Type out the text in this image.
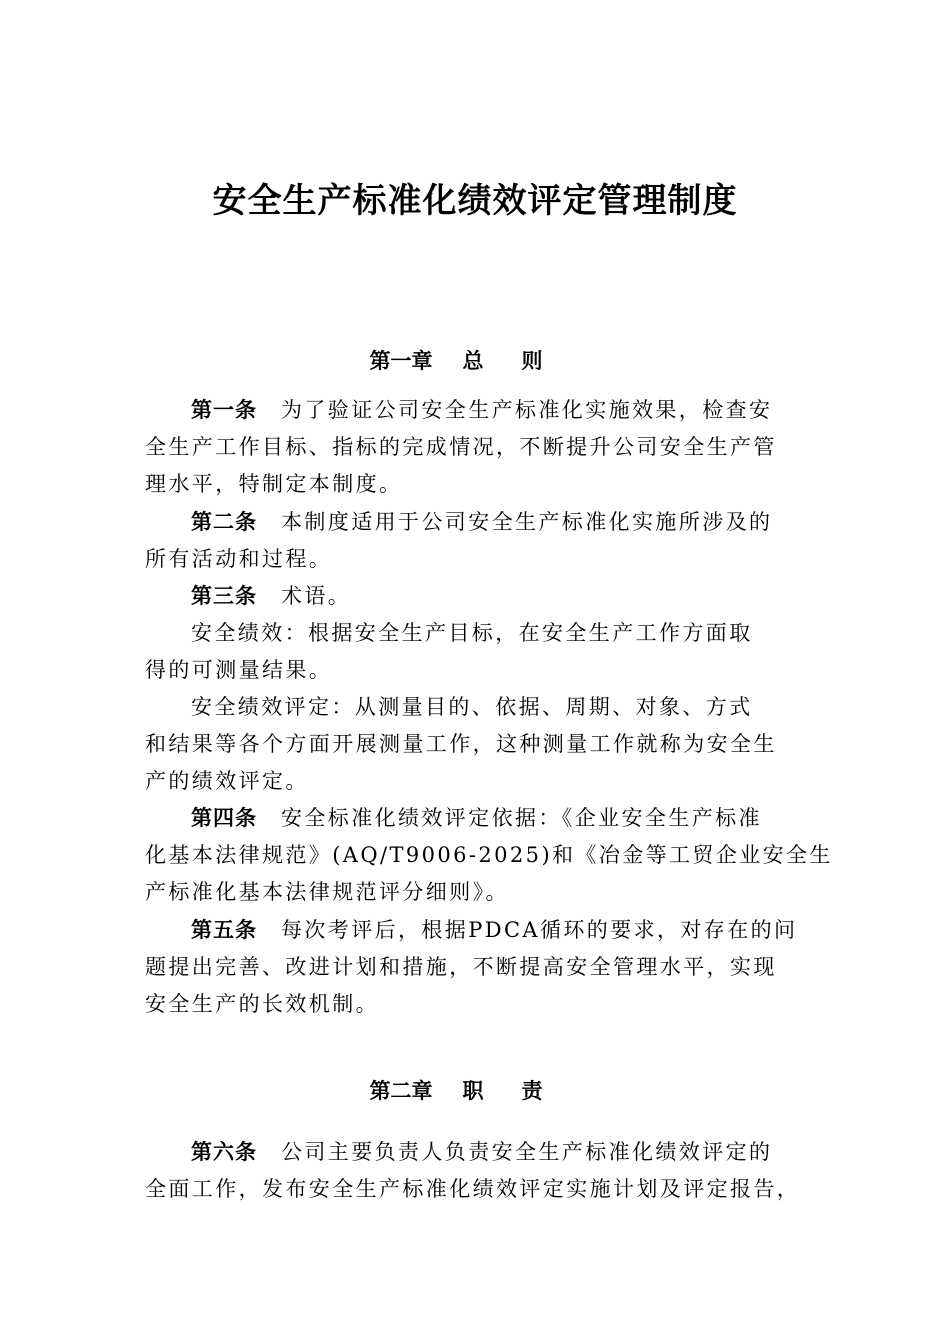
安全生产标准化绩效评定管理制度
第一章 总则
第一条 为了验证公司安全生产标准化实施效果，检查安
全生产工作目标、指标的完成情况，不断提升公司安全生产管
理水平，特制定本制度。
第二条 本制度适用于公司安全生产标准化实施所涉及的
所有活动和过程。
第三条 术语。
安全绩效：根据安全生产目标，在安全生产工作方面取
得的可测量结果。
安全绩效评定：从测量目的、依据、周期、对象、方式
和结果等各个方面开展测量工作，这种测量工作就称为安全生
产的绩效评定。
第四条 安全标准化绩效评定依据：《企业安全生产标准
化基本法律规范》(AQ/T9006-2025)和《冶金等工贸企业安全生
产标准化基本法律规范评分细则》。
第五条 每次考评后，根据PDCA循环的要求，对存在的问
题提出完善、改进计划和措施，不断提高安全管理水平，实现
安全生产的长效机制。
第二章 职责
第六条 公司主要负责人负责安全生产标准化绩效评定的
全面工作，发布安全生产标准化绩效评定实施计划及评定报告，
